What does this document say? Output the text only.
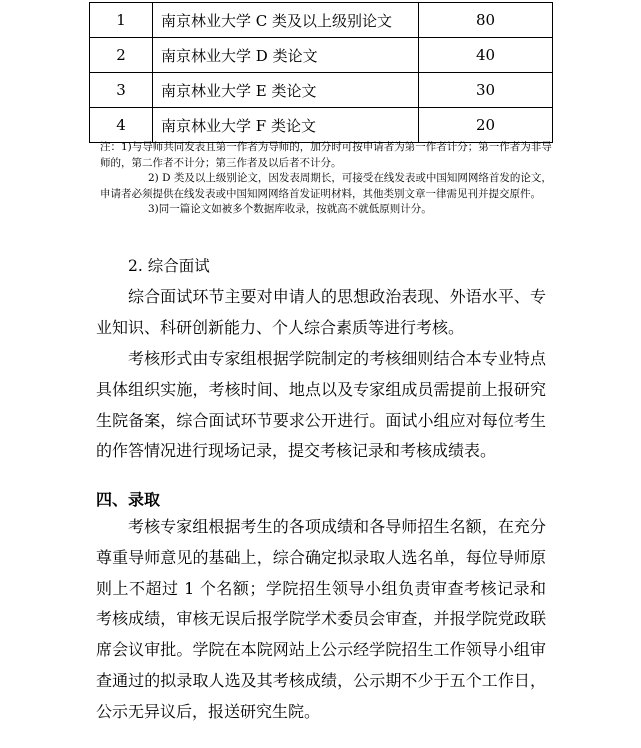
1	南京林业大学 C 类及以上级别论文	80
2	南京林业大学 D 类论文	40
3	南京林业大学 E 类论文	30
4	南京林业大学 F 类论文	20

注：1)与导师共同发表且第一作者为导师的，加分时可按申请者为第一作者计分；第一作者为非导师的，第二作者不计分；第三作者及以后者不计分。

2) D 类及以上级别论文，因发表周期长，可接受在线发表或中国知网网络首发的论文，申请者必须提供在线发表或中国知网网络首发证明材料，其他类别文章一律需见刊并提交原件。

3)同一篇论文如被多个数据库收录，按就高不就低原则计分。

2. 综合面试

综合面试环节主要对申请人的思想政治表现、外语水平、专业知识、科研创新能力、个人综合素质等进行考核。

考核形式由专家组根据学院制定的考核细则结合本专业特点具体组织实施，考核时间、地点以及专家组成员需提前上报研究生院备案，综合面试环节要求公开进行。面试小组应对每位考生的作答情况进行现场记录，提交考核记录和考核成绩表。

四、录取

考核专家组根据考生的各项成绩和各导师招生名额，在充分尊重导师意见的基础上，综合确定拟录取人选名单，每位导师原则上不超过 1 个名额；学院招生领导小组负责审查考核记录和考核成绩，审核无误后报学院学术委员会审查，并报学院党政联席会议审批。学院在本院网站上公示经学院招生工作领导小组审查通过的拟录取人选及其考核成绩，公示期不少于五个工作日，公示无异议后，报送研究生院。
